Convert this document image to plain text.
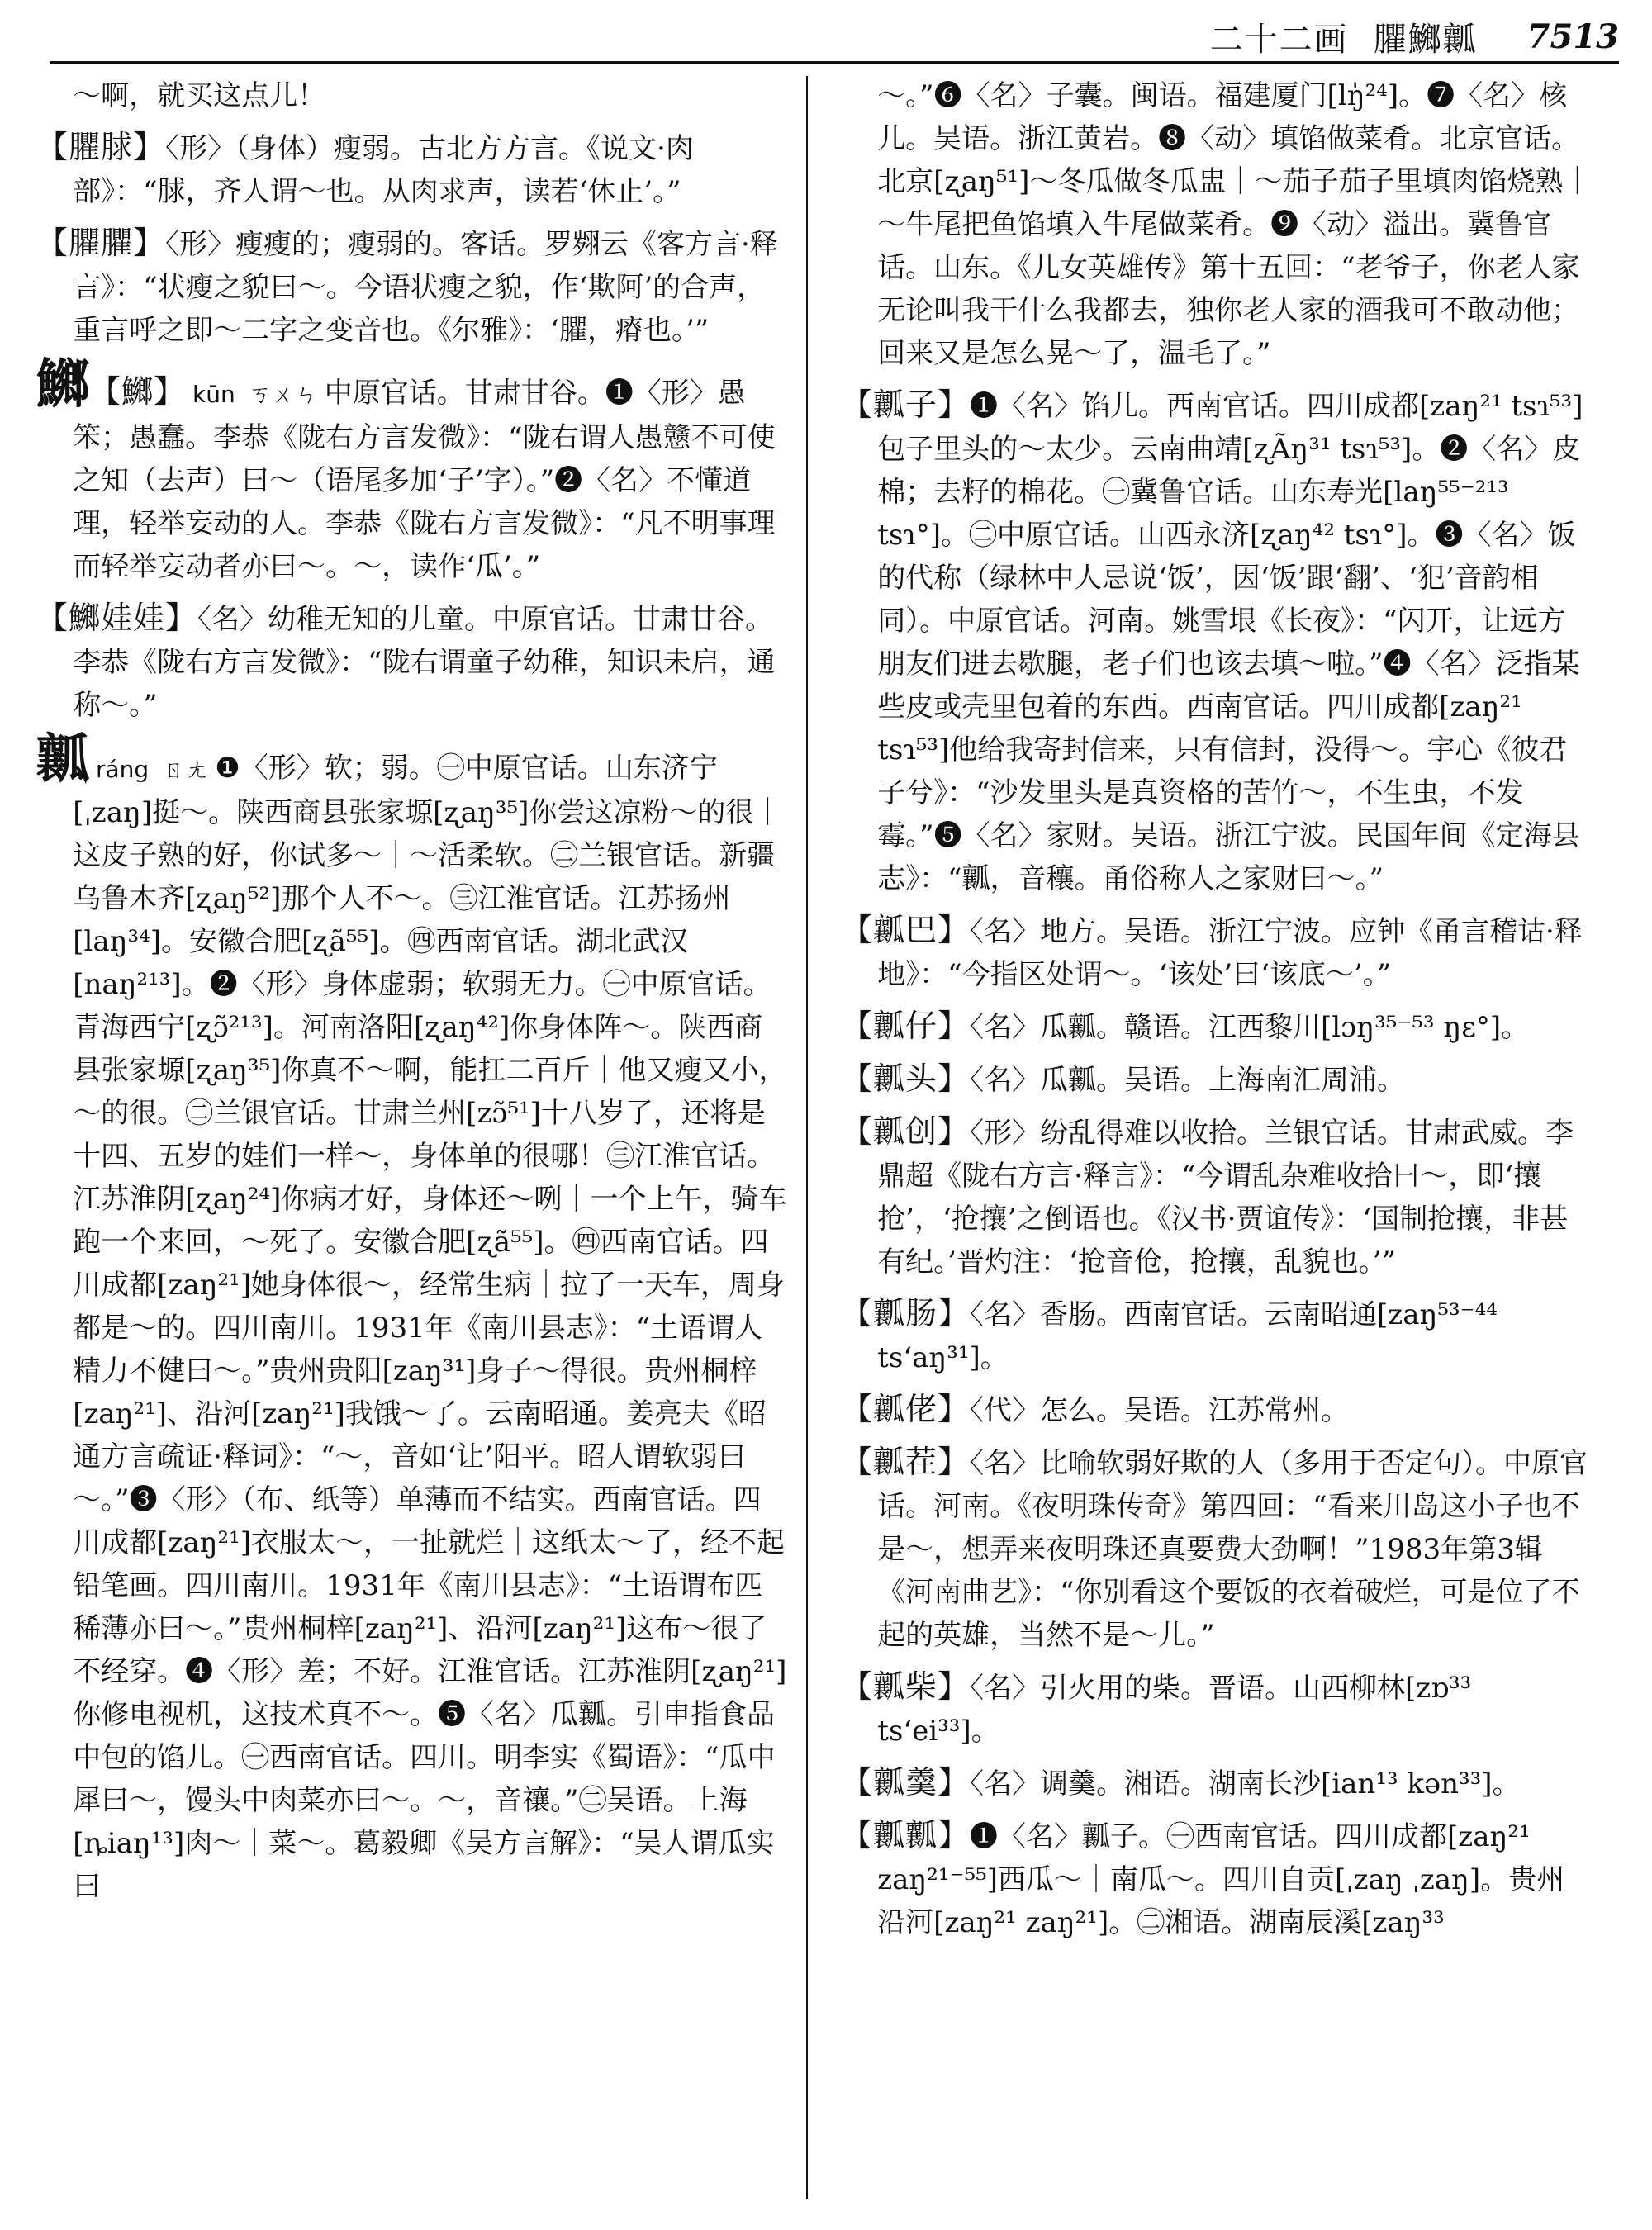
二十二画 臞鱜瓤 7513

～啊，就买这点儿！

【臞脙】〈形〉（身体）瘦弱。古北方方言。《说文·肉部》：“脙，齐人谓～也。从肉求声，读若‘休止’。”

【臞臞】〈形〉瘦瘦的；瘦弱的。客话。罗翙云《客方言·释言》：“状瘦之貌曰～。今语状瘦之貌，作‘欺阿’的合声，重言呼之即～二字之变音也。《尔雅》：‘臞，瘠也。’”

鱜【鱜】 kūn ㄎㄨㄣ 中原官话。甘肃甘谷。❶〈形〉愚笨；愚蠢。李恭《陇右方言发微》：“陇右谓人愚戆不可使之知（去声）曰～（语尾多加‘子’字）。”❷〈名〉不懂道理，轻举妄动的人。李恭《陇右方言发微》：“凡不明事理而轻举妄动者亦曰～。～，读作‘瓜’。”

【鱜娃娃】〈名〉幼稚无知的儿童。中原官话。甘肃甘谷。李恭《陇右方言发微》：“陇右谓童子幼稚，知识未启，通称～。”

瓤ráng ㄖㄤ ❶〈形〉软；弱。㊀中原官话。山东济宁[ˌzaŋ]挺～。陕西商县张家塬[ʐaŋ³⁵]你尝这凉粉～的很｜这皮子熟的好，你试多～｜～活柔软。㊁兰银官话。新疆乌鲁木齐[ʐaŋ⁵²]那个人不～。㊂江淮官话。江苏扬州[laŋ³⁴]。安徽合肥[ʐã⁵⁵]。㊃西南官话。湖北武汉[naŋ²¹³]。❷〈形〉身体虚弱；软弱无力。㊀中原官话。青海西宁[ʐɔ̃²¹³]。河南洛阳[ʐaŋ⁴²]你身体阵～。陕西商县张家塬[ʐaŋ³⁵]你真不～啊，能扛二百斤｜他又瘦又小，～的很。㊁兰银官话。甘肃兰州[zɔ̃⁵¹]十八岁了，还将是十四、五岁的娃们一样～，身体单的很哪！㊂江淮官话。江苏淮阴[ʐaŋ²⁴]你病才好，身体还～咧｜一个上午，骑车跑一个来回，～死了。安徽合肥[ʐã⁵⁵]。㊃西南官话。四川成都[zaŋ²¹]她身体很～，经常生病｜拉了一天车，周身都是～的。四川南川。1931年《南川县志》：“土语谓人精力不健曰～。”贵州贵阳[zaŋ³¹]身子～得很。贵州桐梓[zaŋ²¹]、沿河[zaŋ²¹]我饿～了。云南昭通。姜亮夫《昭通方言疏证·释词》：“～，音如‘让’阳平。昭人谓软弱曰～。”❸〈形〉（布、纸等）单薄而不结实。西南官话。四川成都[zaŋ²¹]衣服太～，一扯就烂｜这纸太～了，经不起铅笔画。四川南川。1931年《南川县志》：“土语谓布匹稀薄亦曰～。”贵州桐梓[zaŋ²¹]、沿河[zaŋ²¹]这布～很了不经穿。❹〈形〉差；不好。江淮官话。江苏淮阴[ʐaŋ²¹]你修电视机，这技术真不～。❺〈名〉瓜瓤。引申指食品中包的馅儿。㊀西南官话。四川。明李实《蜀语》：“瓜中犀曰～，馒头中肉菜亦曰～。～，音禳。”㊁吴语。上海[ȵiaŋ¹³]肉～｜菜～。葛毅卿《吴方言解》：“吴人谓瓜实曰

～。”❻〈名〉子囊。闽语。福建厦门[lŋ̍²⁴]。❼〈名〉核儿。吴语。浙江黄岩。❽〈动〉填馅做菜肴。北京官话。北京[ʐaŋ⁵¹]～冬瓜做冬瓜盅｜～茄子茄子里填肉馅烧熟｜～牛尾把鱼馅填入牛尾做菜肴。❾〈动〉溢出。冀鲁官话。山东。《儿女英雄传》第十五回：“老爷子，你老人家无论叫我干什么我都去，独你老人家的酒我可不敢动他；回来又是怎么晃～了，温毛了。”

【瓤子】❶〈名〉馅儿。西南官话。四川成都[zaŋ²¹ tsɿ⁵³]包子里头的～太少。云南曲靖[ʐÃŋ³¹ tsɿ⁵³]。❷〈名〉皮棉；去籽的棉花。㊀冀鲁官话。山东寿光[laŋ⁵⁵⁻²¹³ tsɿ°]。㊁中原官话。山西永济[ʐaŋ⁴² tsɿ°]。❸〈名〉饭的代称（绿林中人忌说‘饭’，因‘饭’跟‘翻’、‘犯’音韵相同）。中原官话。河南。姚雪垠《长夜》：“闪开，让远方朋友们进去歇腿，老子们也该去填～啦。”❹〈名〉泛指某些皮或壳里包着的东西。西南官话。四川成都[zaŋ²¹ tsɿ⁵³]他给我寄封信来，只有信封，没得～。宇心《彼君子兮》：“沙发里头是真资格的苦竹～，不生虫，不发霉。”❺〈名〉家财。吴语。浙江宁波。民国年间《定海县志》：“瓤，音穰。甬俗称人之家财曰～。”

【瓤巴】〈名〉地方。吴语。浙江宁波。应钟《甬言稽诂·释地》：“今指区处谓～。‘该处’曰‘该底～’。”

【瓤仔】〈名〉瓜瓤。赣语。江西黎川[lɔŋ³⁵⁻⁵³ ŋɛ°]。

【瓤头】〈名〉瓜瓤。吴语。上海南汇周浦。

【瓤创】〈形〉纷乱得难以收拾。兰银官话。甘肃武威。李鼎超《陇右方言·释言》：“今谓乱杂难收拾曰～，即‘攘抢’，‘抢攘’之倒语也。《汉书·贾谊传》：‘国制抢攘，非甚有纪。’晋灼注：‘抢音伧，抢攘，乱貌也。’”

【瓤肠】〈名〉香肠。西南官话。云南昭通[zaŋ⁵³⁻⁴⁴ tsʻaŋ³¹]。

【瓤佬】〈代〉怎么。吴语。江苏常州。

【瓤茬】〈名〉比喻软弱好欺的人（多用于否定句）。中原官话。河南。《夜明珠传奇》第四回：“看来川岛这小子也不是～，想弄来夜明珠还真要费大劲啊！”1983年第3辑《河南曲艺》：“你别看这个要饭的衣着破烂，可是位了不起的英雄，当然不是～儿。”

【瓤柴】〈名〉引火用的柴。晋语。山西柳林[zɒ³³ tsʻei³³]。

【瓤羹】〈名〉调羹。湘语。湖南长沙[ian¹³ kən³³]。

【瓤瓤】❶〈名〉瓤子。㊀西南官话。四川成都[zaŋ²¹ zaŋ²¹⁻⁵⁵]西瓜～｜南瓜～。四川自贡[ˌzaŋ ˌzaŋ]。贵州沿河[zaŋ²¹ zaŋ²¹]。㊁湘语。湖南辰溪[zaŋ³³
